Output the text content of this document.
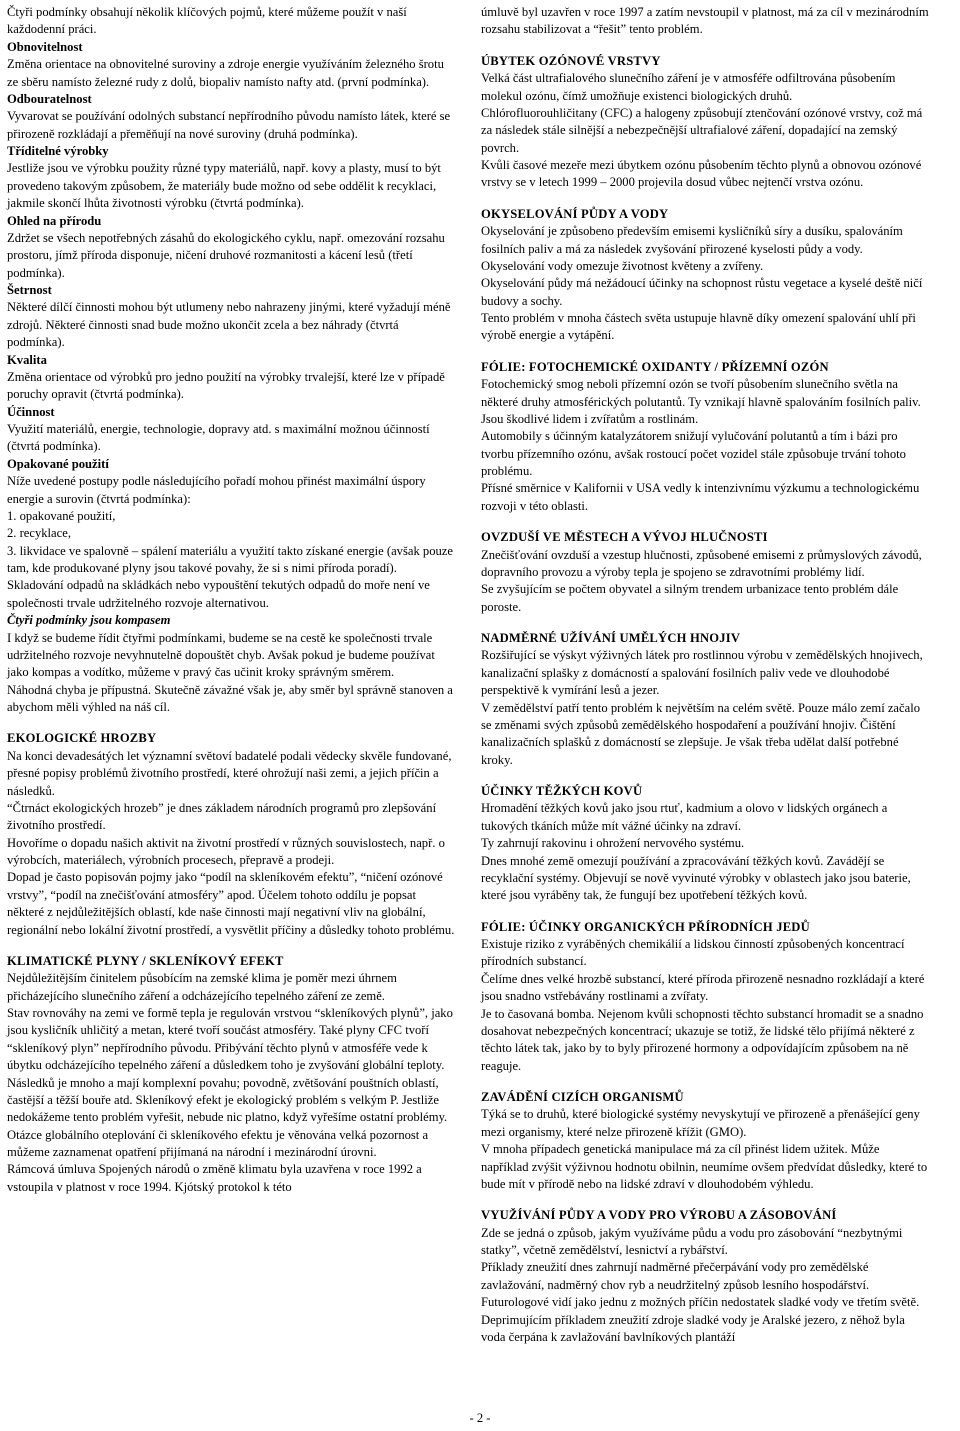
Čtyři podmínky obsahují několik klíčových pojmů, které můžeme použít v naší každodenní práci.

Obnovitelnost

Změna orientace na obnovitelné suroviny a zdroje energie využíváním železného šrotu ze sběru namísto železné rudy z dolů, biopaliv namísto nafty atd. (první podmínka).

Odbouratelnost

Vyvarovat se používání odolných substancí nepřírodního původu namísto látek, které se přirozeně rozkládají a přeměňují na nové suroviny (druhá podmínka).

Tříditelné výrobky

Jestliže jsou ve výrobku použity různé typy materiálů, např. kovy a plasty, musí to být provedeno takovým způsobem, že materiály bude možno od sebe oddělit k recyklaci, jakmile skončí lhůta životnosti výrobku (čtvrtá podmínka).

Ohled na přírodu

Zdržet se všech nepotřebných zásahů do ekologického cyklu, např. omezování rozsahu prostoru, jímž příroda disponuje, ničení druhové rozmanitosti a kácení lesů (třetí podmínka).

Šetrnost

Některé dílčí činnosti mohou být utlumeny nebo nahrazeny jinými, které vyžadují méně zdrojů. Některé činnosti snad bude možno ukončit zcela a bez náhrady (čtvrtá podmínka).

Kvalita

Změna orientace od výrobků pro jedno použití na výrobky trvalejší, které lze v případě poruchy opravit (čtvrtá podmínka).

Účinnost

Využití materiálů, energie, technologie, dopravy atd. s maximální možnou účinností (čtvrtá podmínka).

Opakované použití

Níže uvedené postupy podle následujícího pořadí mohou přinést maximální úspory energie a surovin (čtvrtá podmínka):

1. opakované použití,

2. recyklace,

3. likvidace ve spalovně – spálení materiálu a využití takto získané energie (avšak pouze tam, kde produkované plyny jsou takové povahy, že si s nimi příroda poradí).

Skladování odpadů na skládkách nebo vypouštění tekutých odpadů do moře není ve společnosti trvale udržitelného rozvoje alternativou.

Čtyři podmínky jsou kompasem

I když se budeme řídit čtyřmi podmínkami, budeme se na cestě ke společnosti trvale udržitelného rozvoje nevyhnutelně dopouštět chyb. Avšak pokud je budeme používat jako kompas a vodítko, můžeme v pravý čas učinit kroky správným směrem.

Náhodná chyba je přípustná. Skutečně závažné však je, aby směr byl správně stanoven a abychom měli výhled na náš cíl.

EKOLOGICKÉ HROZBY

Na konci devadesátých let významní světoví badatelé podali vědecky skvěle fundované, přesné popisy problémů životního prostředí, které ohrožují naši zemi, a jejich příčin a následků.

“Čtrnáct ekologických hrozeb” je dnes základem národních programů pro zlepšování životního prostředí.

Hovoříme o dopadu našich aktivit na životní prostředí v různých souvislostech, např. o výrobcích, materiálech, výrobních procesech, přepravě a prodeji.

Dopad je často popisován pojmy jako “podíl na skleníkovém efektu”, “ničení ozónové vrstvy”, “podíl na znečišťování atmosféry” apod. Účelem tohoto oddílu je popsat některé z nejdůležitějších oblastí, kde naše činnosti mají negativní vliv na globální, regionální nebo lokální životní prostředí, a vysvětlit příčiny a důsledky tohoto problému.

KLIMATICKÉ PLYNY / SKLENÍKOVÝ EFEKT

Nejdůležitějším činitelem působícím na zemské klima je poměr mezi úhrnem přicházejícího slunečního záření a odcházejícího tepelného záření ze země.

Stav rovnováhy na zemi ve formě tepla je regulován vrstvou “skleníkových plynů”, jako jsou kysličník uhličitý a metan, které tvoří součást atmosféry. Také plyny CFC tvoří “skleníkový plyn” nepřírodního původu. Přibývání těchto plynů v atmosféře vede k úbytku odcházejícího tepelného záření a důsledkem toho je zvyšování globální teploty. Následků je mnoho a mají komplexní povahu; povodně, zvětšování pouštních oblastí, častější a těžší bouře atd. Skleníkový efekt je ekologický problém s velkým P. Jestliže nedokážeme tento problém vyřešit, nebude nic platno, když vyřešíme ostatní problémy.

Otázce globálního oteplování či skleníkového efektu je věnována velká pozornost a můžeme zaznamenat opatření přijímaná na národní i mezinárodní úrovni.

Rámcová úmluva Spojených národů o změně klimatu byla uzavřena v roce 1992 a vstoupila v platnost v roce 1994. Kjótský protokol k této

úmluvě byl uzavřen v roce 1997 a zatím nevstoupil v platnost, má za cíl v mezinárodním rozsahu stabilizovat a “řešit” tento problém.

ÚBYTEK OZÓNOVÉ VRSTVY

Velká část ultrafialového slunečního záření je v atmosféře odfiltrována působením molekul ozónu, čímž umožňuje existenci biologických druhů.

Chlórofluorouhličitany (CFC) a halogeny způsobují ztenčování ozónové vrstvy, což má za následek stále silnější a nebezpečnější ultrafialové záření, dopadající na zemský povrch.

Kvůli časové mezeře mezi úbytkem ozónu působením těchto plynů a obnovou ozónové vrstvy se v letech 1999 – 2000 projevila dosud vůbec nejtenčí vrstva ozónu.

OKYSELOVÁNÍ PŮDY A VODY

Okyselování je způsobeno především emisemi kysličníků síry a dusíku, spalováním fosilních paliv a má za následek zvyšování přirozené kyselosti půdy a vody.

Okyselování vody omezuje životnost květeny a zvířeny.

Okyselování půdy má nežádoucí účinky na schopnost růstu vegetace a kyselé deště ničí budovy a sochy.

Tento problém v mnoha částech světa ustupuje hlavně díky omezení spalování uhlí při výrobě energie a vytápění.

FÓLIE: FOTOCHEMICKÉ OXIDANTY / PŘÍZEMNÍ OZÓN

Fotochemický smog neboli přízemní ozón se tvoří působením slunečního světla na některé druhy atmosférických polutantů. Ty vznikají hlavně spalováním fosilních paliv. Jsou škodlivé lidem i zvířatům a rostlinám.

Automobily s účinným katalyzátorem snižují vylučování polutantů a tím i bázi pro tvorbu přízemního ozónu, avšak rostoucí počet vozidel stále způsobuje trvání tohoto problému.

Přísné směrnice v Kalifornii v USA vedly k intenzivnímu výzkumu a technologickému rozvoji v této oblasti.

OVZDUŠÍ VE MĚSTECH A VÝVOJ HLUČNOSTI

Znečišťování ovzduší a vzestup hlučnosti, způsobené emisemi z průmyslových závodů, dopravního provozu a výroby tepla je spojeno se zdravotními problémy lidí.

Se zvyšujícím se počtem obyvatel a silným trendem urbanizace tento problém dále poroste.

NADMĚRNÉ UŽÍVÁNÍ UMĚLÝCH HNOJIV

Rozšiřující se výskyt výživných látek pro rostlinnou výrobu v zemědělských hnojivech, kanalizační splašky z domácností a spalování fosilních paliv vede ve dlouhodobé perspektivě k vymírání lesů a jezer.

V zemědělství patří tento problém k největším na celém světě. Pouze málo zemí začalo se změnami svých způsobů zemědělského hospodaření a používání hnojiv. Čištění kanalizačních splašků z domácností se zlepšuje. Je však třeba udělat další potřebné kroky.

ÚČINKY TĚŽKÝCH KOVŮ

Hromadění těžkých kovů jako jsou rtuť, kadmium a olovo v lidských orgánech a tukových tkáních může mít vážné účinky na zdraví.

Ty zahrnují rakovinu i ohrožení nervového systému.

Dnes mnohé země omezují používání a zpracovávání těžkých kovů. Zavádějí se recyklační systémy. Objevují se nově vyvinuté výrobky v oblastech jako jsou baterie, které jsou vyráběny tak, že fungují bez upotřebení těžkých kovů.

FÓLIE: ÚČINKY ORGANICKÝCH PŘÍRODNÍCH JEDŮ

Existuje riziko z vyráběných chemikálií a lidskou činností způsobených koncentrací přírodních substancí.

Čelíme dnes velké hrozbě substancí, které příroda přirozeně nesnadno rozkládají a které jsou snadno vstřebávány rostlinami a zvířaty.

Je to časovaná bomba. Nejenom kvůli schopnosti těchto substancí hromadit se a snadno dosahovat nebezpečných koncentrací; ukazuje se totiž, že lidské tělo přijímá některé z těchto látek tak, jako by to byly přirozené hormony a odpovídajícím způsobem na ně reaguje.

ZAVÁDĚNÍ CIZÍCH ORGANISMŮ

Týká se to druhů, které biologické systémy nevyskytují ve přirozeně a přenášející geny mezi organismy, které nelze přirozeně křížit (GMO).

V mnoha případech genetická manipulace má za cíl přinést lidem užitek. Může například zvýšit výživnou hodnotu obilnin, neumíme ovšem předvídat důsledky, které to bude mít v přírodě nebo na lidské zdraví v dlouhodobém výhledu.

VYUŽÍVÁNÍ PŮDY A VODY PRO VÝROBU A ZÁSOBOVÁNÍ

Zde se jedná o způsob, jakým využíváme půdu a vodu pro zásobování “nezbytnými statky”, včetně zemědělství, lesnictví a rybářství.

Příklady zneužití dnes zahrnují nadměrné přečerpávání vody pro zemědělské zavlažování, nadměrný chov ryb a neudržitelný způsob lesního hospodářství. Futurologové vidí jako jednu z možných příčin nedostatek sladké vody ve třetím světě. Deprimujícím příkladem zneužití zdroje sladké vody je Aralské jezero, z něhož byla voda čerpána k zavlažování bavlníkových plantáží

- 2 -
